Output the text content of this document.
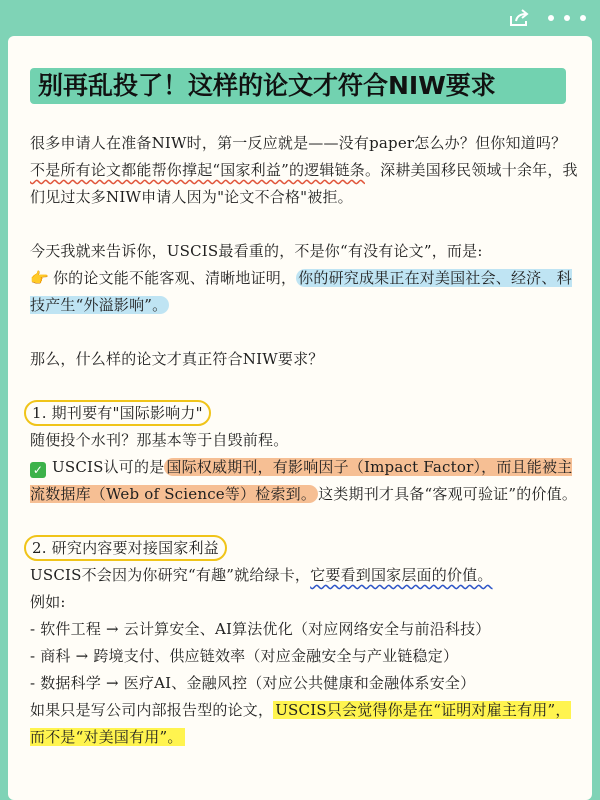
别再乱投了！这样的论文才符合NIW要求

很多申请人在准备NIW时，第一反应就是——没有paper怎么办？但你知道吗？不是所有论文都能帮你撑起“国家利益”的逻辑链条。深耕美国移民领域十余年，我们见过太多NIW申请人因为"论文不合格"被拒。

今天我就来告诉你，USCIS最看重的，不是你“有没有论文”，而是:
👉 你的论文能不能客观、清晰地证明， 你的研究成果正在对美国社会、经济、科技产生“外溢影响”。

那么，什么样的论文才真正符合NIW要求？

1. 期刊要有"国际影响力"

随便投个水刊？那基本等于自毁前程。

✓ USCIS认可的是 国际权威期刊，有影响因子（Impact Factor），而且能被主流数据库（Web of Science等）检索到。 这类期刊才具备“客观可验证”的价值。

2. 研究内容要对接国家利益

USCIS不会因为你研究“有趣”就给绿卡，它要看到国家层面的价值。

例如:

- 软件工程 → 云计算安全、AI算法优化（对应网络安全与前沿科技）

- 商科 → 跨境支付、供应链效率（对应金融安全与产业链稳定）

- 数据科学 → 医疗AI、金融风控（对应公共健康和金融体系安全）

如果只是写公司内部报告型的论文， USCIS只会觉得你是在“证明对雇主有用”，而不是“对美国有用”。
